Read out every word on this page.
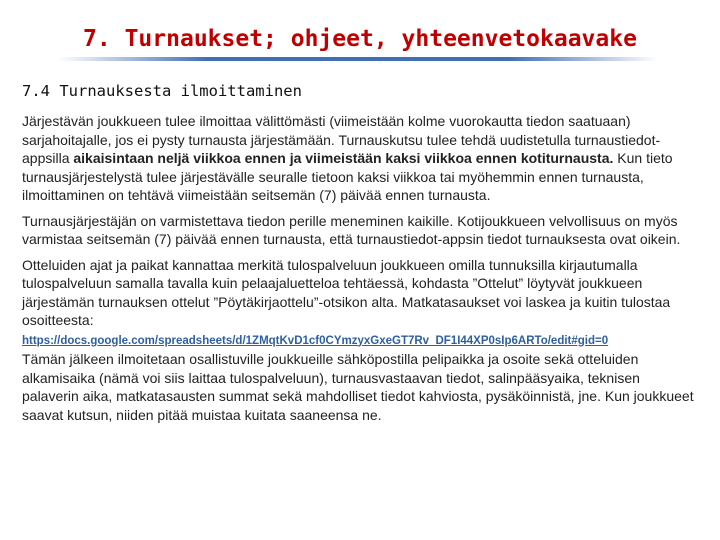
7. Turnaukset; ohjeet, yhteenvetokaavake
7.4 Turnauksesta ilmoittaminen

Järjestävän joukkueen tulee ilmoittaa välittömästi (viimeistään kolme vuorokautta tiedon saatuaan) sarjahoitajalle, jos ei pysty turnausta järjestämään. Turnauskutsu tulee tehdä uudistetulla turnaustiedot-appsilla aikaisintaan neljä viikkoa ennen ja viimeistään kaksi viikkoa ennen kotiturnausta. Kun tieto turnausjärjestelystä tulee järjestävälle seuralle tietoon kaksi viikkoa tai myöhemmin ennen turnausta, ilmoittaminen on tehtävä viimeistään seitsemän (7) päivää ennen turnausta.

Turnausjärjestäjän on varmistettava tiedon perille meneminen kaikille. Kotijoukkueen velvollisuus on myös varmistaa seitsemän (7) päivää ennen turnausta, että turnaustiedot-appsin tiedot turnauksesta ovat oikein.

Otteluiden ajat ja paikat kannattaa merkitä tulospalveluun joukkueen omilla tunnuksilla kirjautumalla tulospalveluun samalla tavalla kuin pelaajaluetteloa tehtäessä, kohdasta ”Ottelut” löytyvät joukkueen järjestämän turnauksen ottelut ”Pöytäkirjaottelu”-otsikon alta. Matkatasaukset voi laskea ja kuitin tulostaa osoitteesta:

https://docs.google.com/spreadsheets/d/1ZMqtKvD1cf0CYmzyxGxeGT7Rv_DF1I44XP0sIp6ARTo/edit#gid=0

Tämän jälkeen ilmoitetaan osallistuville joukkueille sähköpostilla pelipaikka ja osoite sekä otteluiden alkamisaika (nämä voi siis laittaa tulospalveluun), turnausvastaavan tiedot, salinpääsyaika, teknisen palaverin aika, matkatasausten summat sekä mahdolliset tiedot kahviosta, pysäköinnistä, jne. Kun joukkueet saavat kutsun, niiden pitää muistaa kuitata saaneensa ne.
